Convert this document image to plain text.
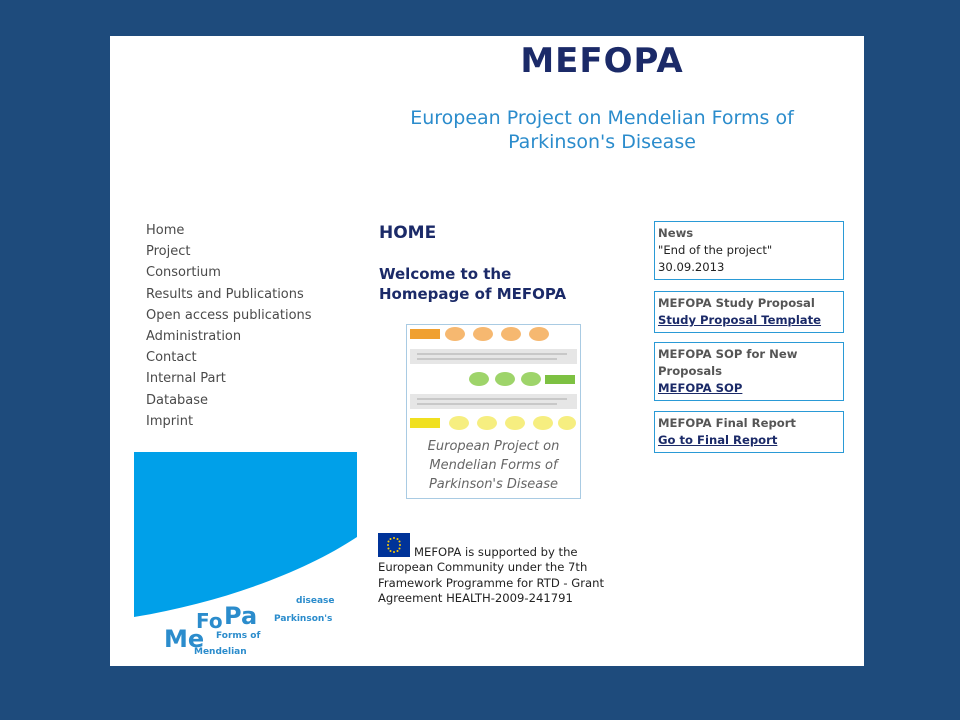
MEFOPA
European Project on Mendelian Forms of
Parkinson's Disease
Home
Project
Consortium
Results and Publications
Open access publications
Administration
Contact
Internal Part
Database
Imprint
Me
Fo Pa
disease
Parkinson's
Forms of
Mendelian
HOME
Welcome to the
Homepage of MEFOPA
European Project on
Mendelian Forms of
Parkinson's Disease
MEFOPA is supported by the European Community under the 7th Framework Programme for RTD - Grant Agreement HEALTH-2009-241791
News
"End of the project"
30.09.2013
MEFOPA Study Proposal
Study Proposal Template
MEFOPA SOP for New Proposals
MEFOPA SOP
MEFOPA Final Report
Go to Final Report
